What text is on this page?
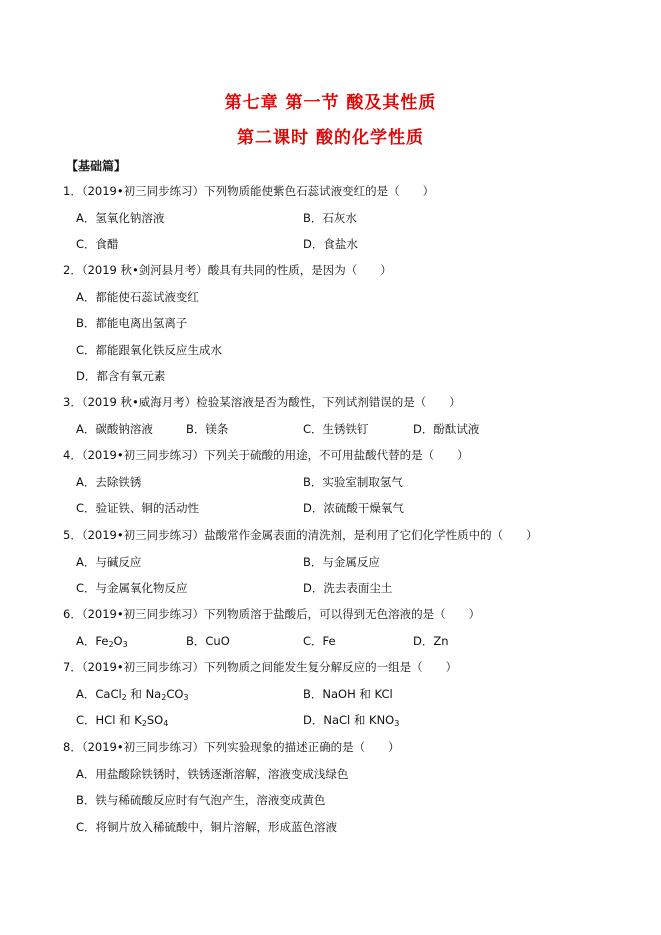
第七章 第一节 酸及其性质
第二课时 酸的化学性质
【基础篇】
1．（2019•初三同步练习）下列物质能使紫色石蕊试液变红的是（　　）
A．氢氧化钠溶液	B．石灰水
C．食醋	D．食盐水
2．（2019 秋•剑河县月考）酸具有共同的性质，是因为（　　）
A．都能使石蕊试液变红
B．都能电离出氢离子
C．都能跟氧化铁反应生成水
D．都含有氧元素
3．（2019 秋•威海月考）检验某溶液是否为酸性，下列试剂错误的是（　　）
A．碳酸钠溶液	B．镁条	C．生锈铁钉	D．酚酞试液
4．（2019•初三同步练习）下列关于硫酸的用途，不可用盐酸代替的是（　　）
A．去除铁锈	B．实验室制取氢气
C．验证铁、铜的活动性	D．浓硫酸干燥氧气
5．（2019•初三同步练习）盐酸常作金属表面的清洗剂，是利用了它们化学性质中的（　　）
A．与碱反应	B．与金属反应
C．与金属氧化物反应	D．洗去表面尘土
6．（2019•初三同步练习）下列物质溶于盐酸后，可以得到无色溶液的是（　　）
A．$Fe_2O_3$	B．CuO	C．Fe	D．Zn
7．（2019•初三同步练习）下列物质之间能发生复分解反应的一组是（　　）
A．CaCl$_2$ 和 $Na_2CO_3$	B．NaOH 和 KCl
C．HCl 和 $K_2SO_4$	D．NaCl 和 $KNO_3$
8．（2019•初三同步练习）下列实验现象的描述正确的是（　　）
A．用盐酸除铁锈时，铁锈逐渐溶解，溶液变成浅绿色
B．铁与稀硫酸反应时有气泡产生，溶液变成黄色
C．将铜片放入稀硫酸中，铜片溶解，形成蓝色溶液
